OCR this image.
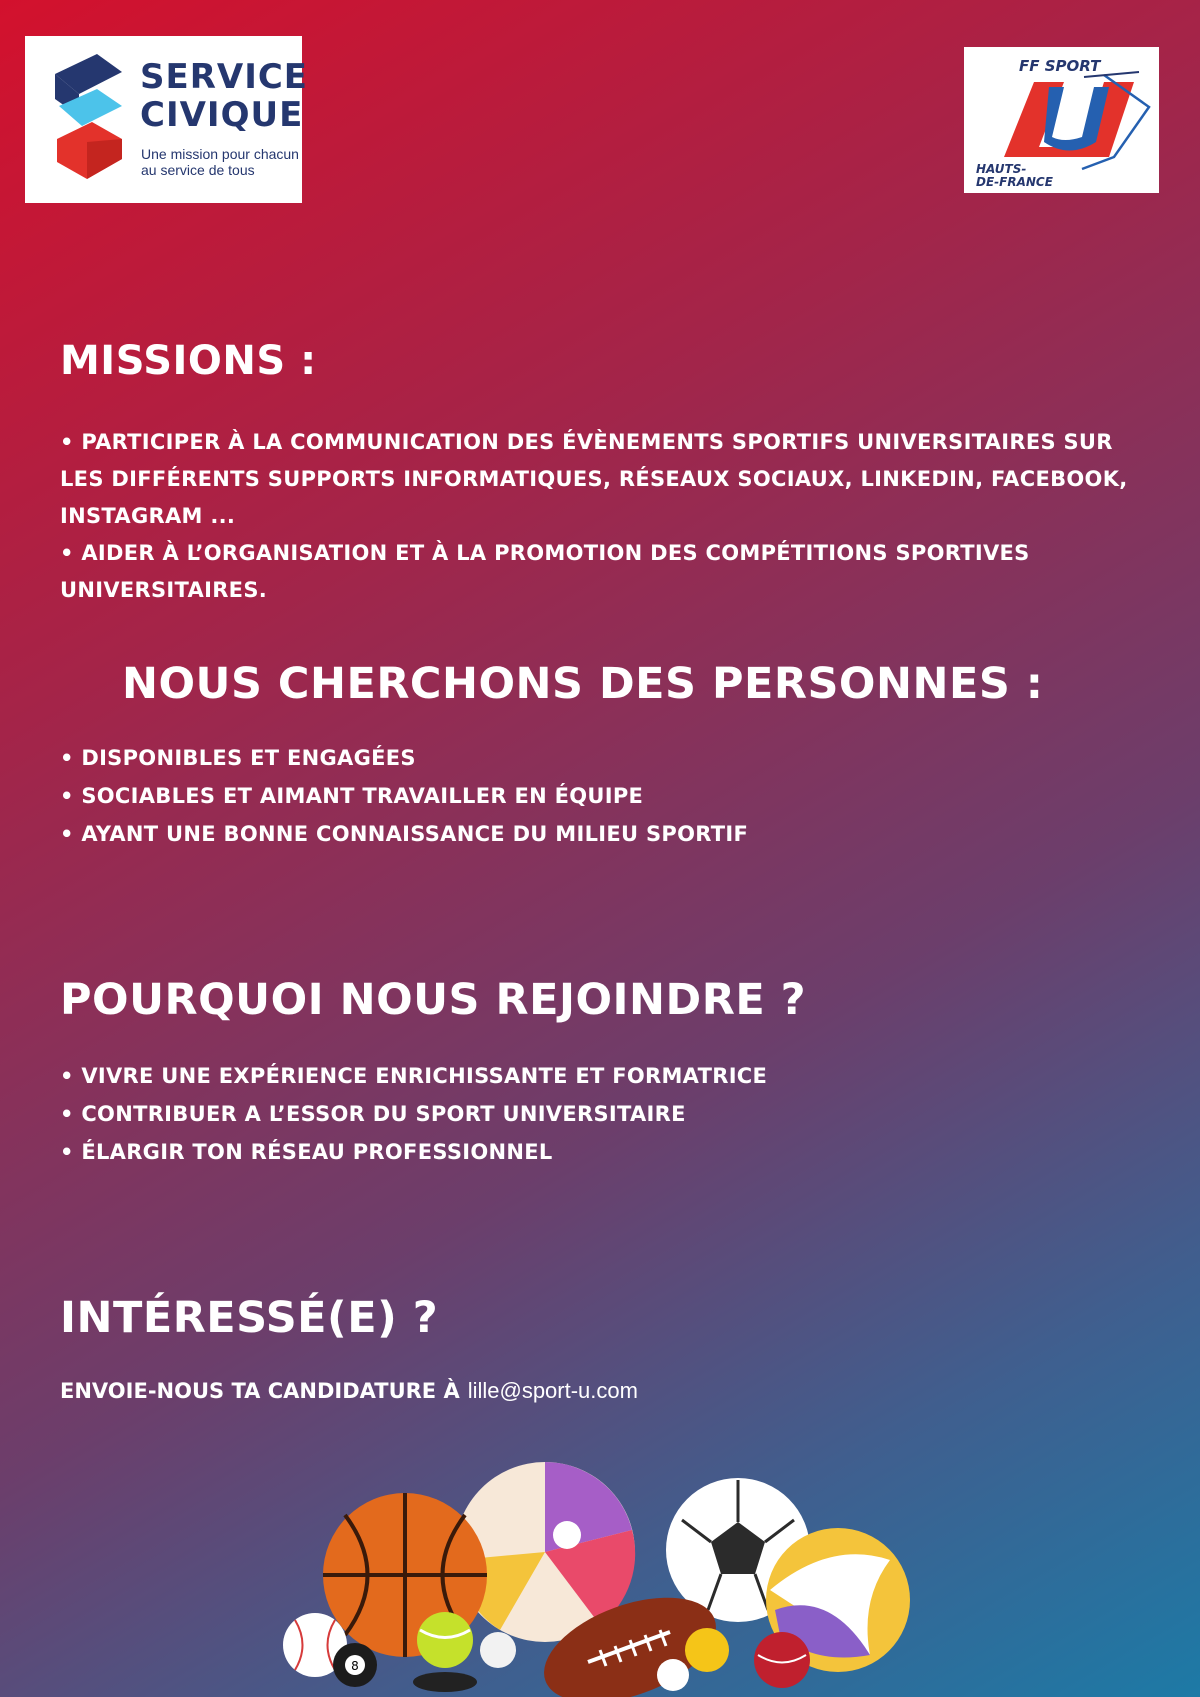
SERVICE
CIVIQUE
Une mission pour chacun
au service de tous
FF SPORT
HAUTS-
DE-FRANCE
MISSIONS :
• PARTICIPER À LA COMMUNICATION DES ÉVÈNEMENTS SPORTIFS UNIVERSITAIRES SUR LES DIFFÉRENTS SUPPORTS INFORMATIQUES, RÉSEAUX SOCIAUX, LINKEDIN, FACEBOOK, INSTAGRAM ...
• AIDER À L’ORGANISATION ET À LA PROMOTION DES COMPÉTITIONS SPORTIVES UNIVERSITAIRES.
NOUS CHERCHONS DES PERSONNES :
• DISPONIBLES ET ENGAGÉES
• SOCIABLES ET AIMANT TRAVAILLER EN ÉQUIPE
• AYANT UNE BONNE CONNAISSANCE DU MILIEU SPORTIF
POURQUOI NOUS REJOINDRE ?
• VIVRE UNE EXPÉRIENCE ENRICHISSANTE ET FORMATRICE
• CONTRIBUER A L’ESSOR DU SPORT UNIVERSITAIRE
• ÉLARGIR TON RÉSEAU PROFESSIONNEL
INTÉRESSÉ(E) ?
ENVOIE-NOUS TA CANDIDATURE À lille@sport-u.com
8
